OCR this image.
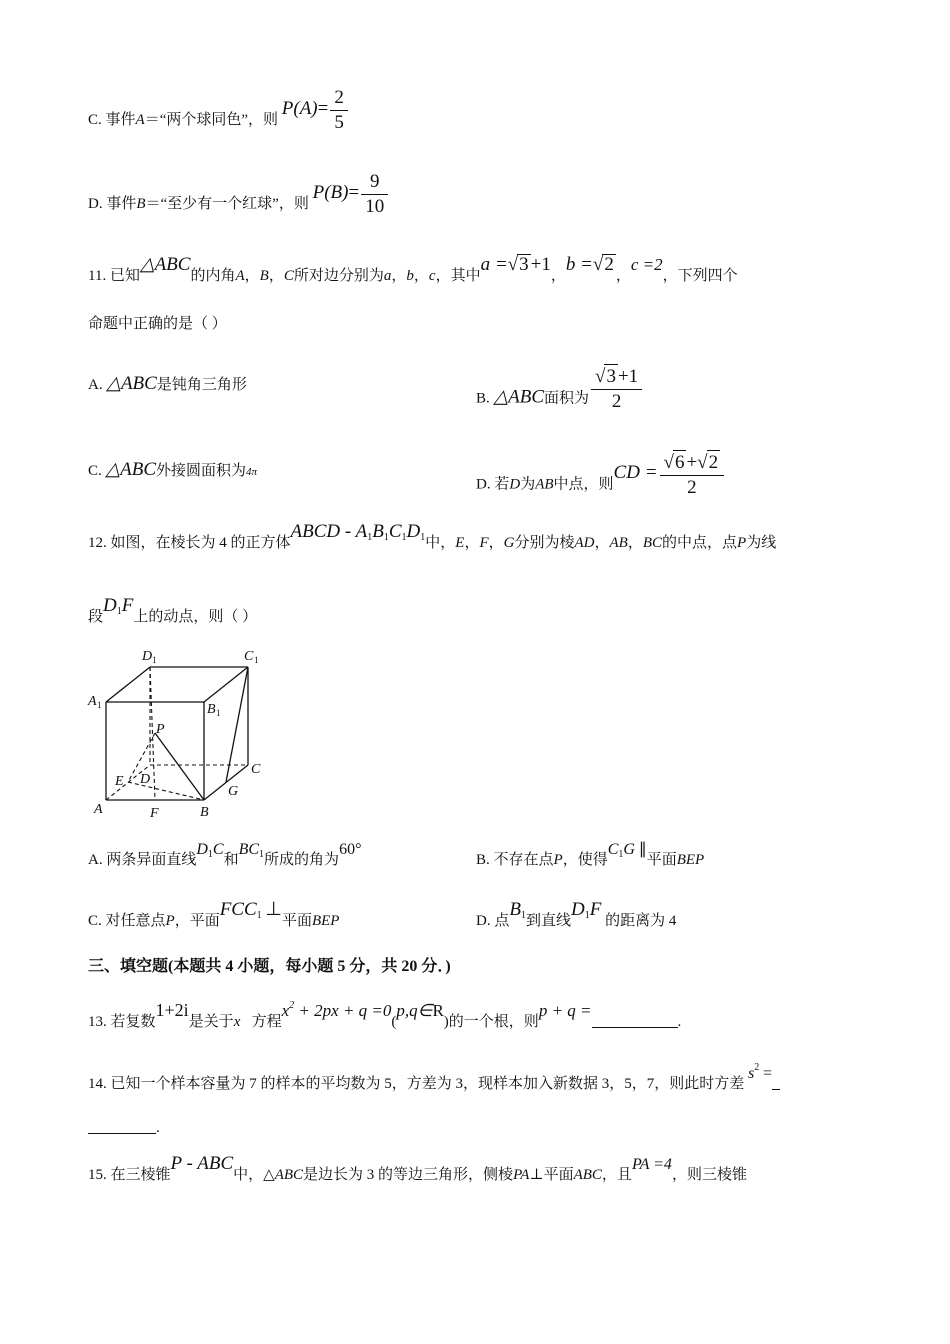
C. 事件A＝“两个球同色”，则 $P(A)= \frac{2}{5}$
D. 事件B＝“至少有一个红球”，则 $P(B)= \frac{9}{10}$
11. 已知△ABC的内角A，B，C所对边分别为a，b，c，其中a =√3 +1，b =√2，c =2，下列四个
命题中正确的是（ ）
A. △ABC是钝角三角形
B. △ABC面积为 $\frac{√3 +1}{2}$
C. △ABC外接圆面积为4π
D. 若D为AB中点，则CD = $\frac{√6 +√2}{2}$
12. 如图，在棱长为 4 的正方体ABCD - $A_1B_1C_1D_1$中，E，F，G分别为棱AD，AB，BC的中点，点P为线
段$D_1F$上的动点，则（ ）
D 1	C 1
A 1	B 1
P
C
E D
A	F	B
G
A. 两条异面直线$D_1C$和$BC_1$所成的角为60°
B. 不存在点P，使得$C_1G$ ∥平面BEP
C. 对任意点P，平面$FCC_1$ ⊥平面BEP	D. 点$B_1$到直线$D_1F$ 的距离为 4
三、填空题(本题共 4 小题，每小题 5 分，共 20 分．)
13. 若复数1+2i是关于x 方程$x^2 + 2px + q$ =0(p,q∈R)的一个根，则p + q =.
14. 已知一个样本容量为 7 的样本的平均数为 5，方差为 3，现样本加入新数据 3，5，7，则此时方差 $s^2$ =
.
15. 在三棱锥P - ABC中，△ABC是边长为 3 的等边三角形，侧棱PA⊥平面ABC，且PA =4，则三棱锥
